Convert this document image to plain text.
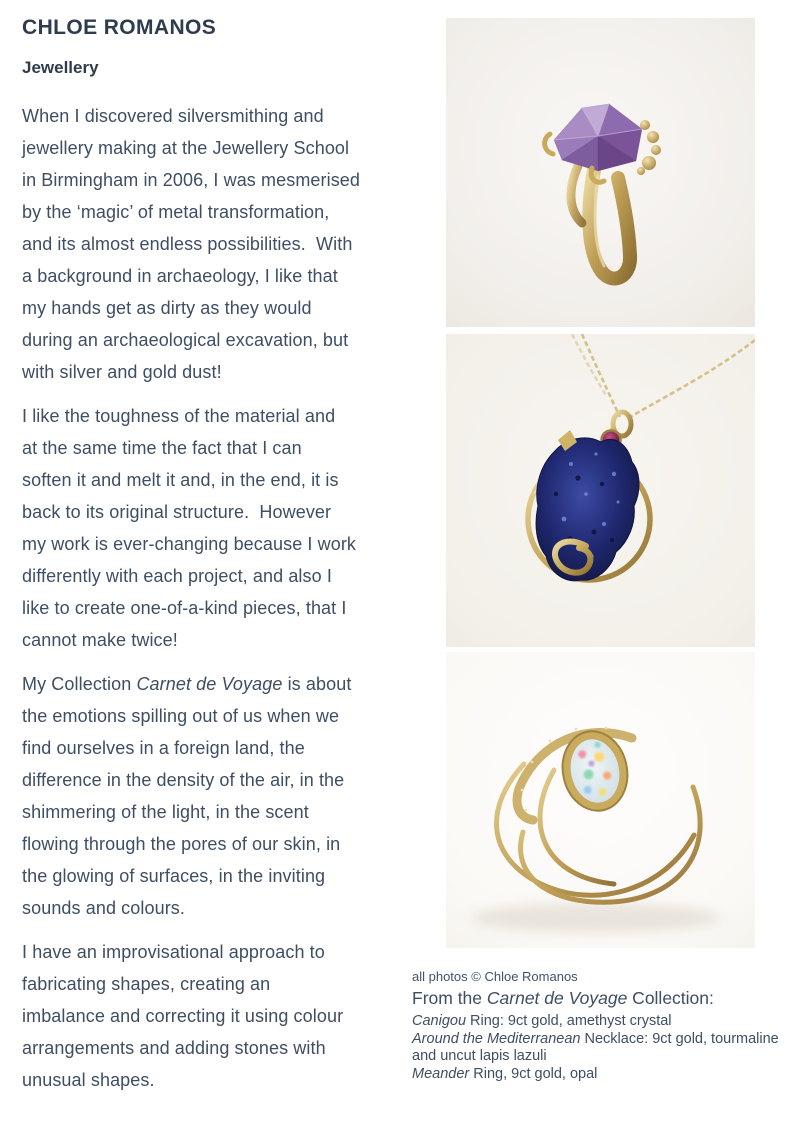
CHLOE ROMANOS
Jewellery
When I discovered silversmithing and
jewellery making at the Jewellery School
in Birmingham in 2006, I was mesmerised
by the ‘magic’ of metal transformation,
and its almost endless possibilities.  With
a background in archaeology, I like that
my hands get as dirty as they would
during an archaeological excavation, but
with silver and gold dust!
I like the toughness of the material and
at the same time the fact that I can
soften it and melt it and, in the end, it is
back to its original structure.  However
my work is ever-changing because I work
differently with each project, and also I
like to create one-of-a-kind pieces, that I
cannot make twice!
My Collection Carnet de Voyage is about
the emotions spilling out of us when we
find ourselves in a foreign land, the
difference in the density of the air, in the
shimmering of the light, in the scent
flowing through the pores of our skin, in
the glowing of surfaces, in the inviting
sounds and colours.
I have an improvisational approach to
fabricating shapes, creating an
imbalance and correcting it using colour
arrangements and adding stones with
unusual shapes.
all photos © Chloe Romanos
From the Carnet de Voyage Collection:
Canigou Ring: 9ct gold, amethyst crystal
Around the Mediterranean Necklace: 9ct gold, tourmaline
and uncut lapis lazuli
Meander Ring, 9ct gold, opal
